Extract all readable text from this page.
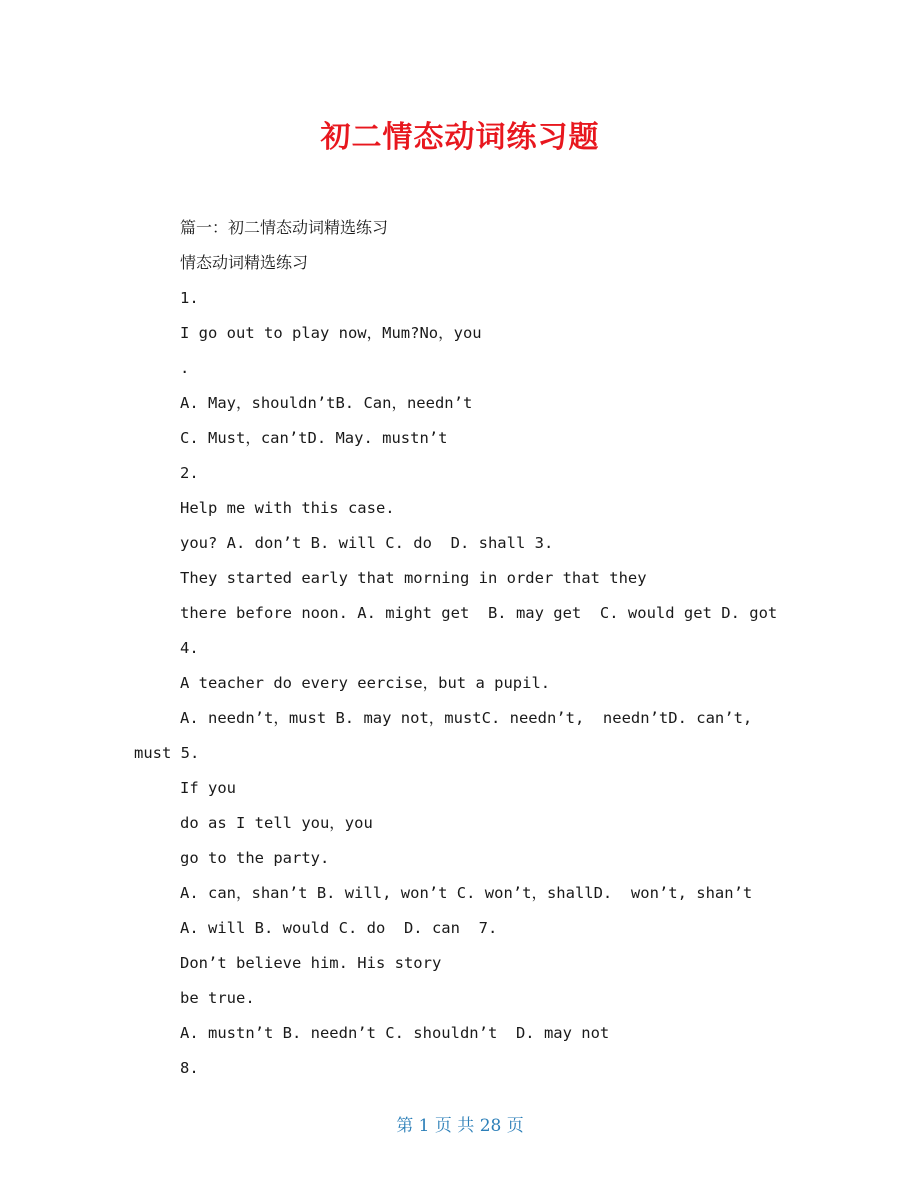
初二情态动词练习题

篇一：初二情态动词精选练习

情态动词精选练习

1.

I go out to play now，Mum?No，you

.

A. May，shouldn’tB. Can，needn’t

C. Must，can’tD. May. mustn’t

2.

Help me with this case.

you? A. don’t B. will C. do  D. shall 3.

They started early that morning in order that they

there before noon. A. might get  B. may get  C. would get D. got

4.

A teacher do every eercise，but a pupil.

A. needn’t，must B. may not，mustC. needn’t,  needn’tD. can’t,

must 5.

If you

do as I tell you，you

go to the party.

A. can，shan’t B. will, won’t C. won’t，shallD.  won’t, shan’t

A. will B. would C. do  D. can  7.

Don’t believe him. His story

be true.

A. mustn’t B. needn’t C. shouldn’t  D. may not

8.

第 1 页 共 28 页
